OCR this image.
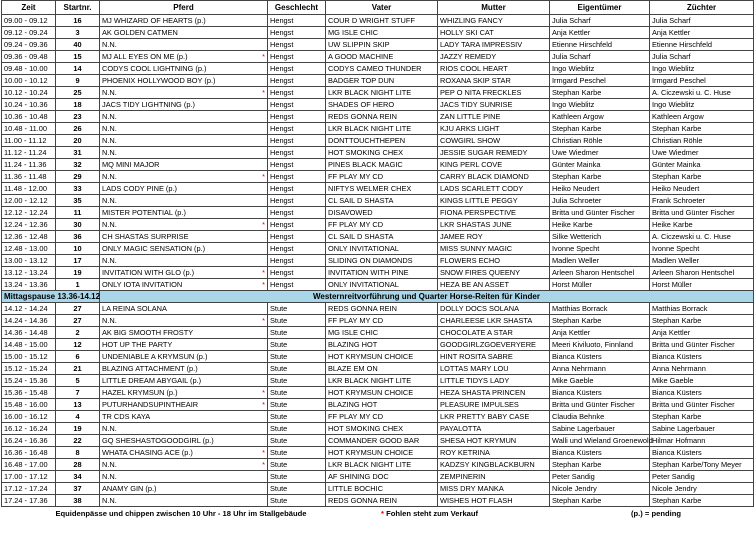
Zeit	Startnr.	Pferd	Geschlecht	Vater	Mutter	Eigentümer	Züchter
09.00 - 09.12	16	MJ WHIZARD OF HEARTS (p.)	Hengst	COUR D WRIGHT STUFF	WHIZLING FANCY	Julia Scharf	Julia Scharf
09.12 - 09.24	3	AK GOLDEN CATMEN	Hengst	MG ISLE CHIC	HOLLY SKI CAT	Anja Kettler	Anja Kettler
09.24 - 09.36	40	N.N.	Hengst	UW SLIPPIN SKIP	LADY TARA IMPRESSIV	Etienne Hirschfeld	Etienne Hirschfeld
09.36 - 09.48	15	MJ ALL EYES ON ME (p.) *	Hengst	A GOOD MACHINE	JAZZY REMEDY	Julia Scharf	Julia Scharf
09.48 - 10.00	14	CODYS COOL LIGHTNING (p.)	Hengst	CODYS CAMEO THUNDER	RIOS COOL HEART	Ingo Wieblitz	Ingo Wieblitz
10.00 - 10.12	9	PHOENIX HOLLYWOOD BOY (p.)	Hengst	BADGER TOP DUN	ROXANA SKIP STAR	Irmgard Peschel	Irmgard Peschel
10.12 - 10.24	25	N.N. *	Hengst	LKR BLACK NIGHT LITE	PEP O NITA FRECKLES	Stephan Karbe	A. Ciczewski u. C. Huse
10.24 - 10.36	18	JACS TIDY LIGHTNING (p.)	Hengst	SHADES OF HERO	JACS TIDY SUNRISE	Ingo Wieblitz	Ingo Wieblitz
10.36 - 10.48	23	N.N.	Hengst	REDS GONNA REIN	ZAN LITTLE PINE	Kathleen Argow	Kathleen Argow
10.48 - 11.00	26	N.N.	Hengst	LKR BLACK NIGHT LITE	KJU ARKS LIGHT	Stephan Karbe	Stephan Karbe
11.00 - 11.12	20	N.N.	Hengst	DONTTOUCHTHEPEN	COWGIRL SHOW	Christian Röhle	Christian Röhle
11.12 - 11.24	31	N.N.	Hengst	HOT SMOKING CHEX	JESSIE SUGAR REMEDY	Uwe Wiedmer	Uwe Wiedmer
11.24 - 11.36	32	MQ MINI MAJOR	Hengst	PINES BLACK MAGIC	KING PERL COVE	Günter Mainka	Günter Mainka
11.36 - 11.48	29	N.N. *	Hengst	FF PLAY MY CD	CARRY BLACK DIAMOND	Stephan Karbe	Stephan Karbe
11.48 - 12.00	33	LADS CODY PINE (p.)	Hengst	NIFTYS WELMER CHEX	LADS SCARLETT CODY	Heiko Neudert	Heiko Neudert
12.00 - 12.12	35	N.N.	Hengst	CL SAIL D SHASTA	KINGS LITTLE PEGGY	Julia Schroeter	Frank Schroeter
12.12 - 12.24	11	MISTER POTENTIAL (p.)	Hengst	DISAVOWED	FIONA PERSPECTIVE	Britta und Günter Fischer	Britta und Günter Fischer
12.24 - 12.36	30	N.N. *	Hengst	FF PLAY MY CD	LKR SHASTAS JUNE	Heike Karbe	Heike Karbe
12.36 - 12.48	36	CH SHASTAS SURPRISE	Hengst	CL SAIL D SHASTA	JAMEE ROY	Silke Wetterich	A. Ciczewski u. C. Huse
12.48 - 13.00	10	ONLY MAGIC SENSATION (p.)	Hengst	ONLY INVITATIONAL	MISS SUNNY MAGIC	Ivonne Specht	Ivonne Specht
13.00 - 13.12	17	N.N.	Hengst	SLIDING ON DIAMONDS	FLOWERS ECHO	Madlen Weller	Madlen Weller
13.12 - 13.24	19	INVITATION WITH GLO (p.) *	Hengst	INVITATION WITH PINE	SNOW FIRES QUEENY	Arleen Sharon Hentschel	Arleen Sharon Hentschel
13.24 - 13.36	1	ONLY IOTA INVITATION *	Hengst	ONLY INVITATIONAL	HEZA BE AN ASSET	Horst Müller	Horst Müller
Mittagspause 13.36-14.12		Westernreitvorführung und Quarter Horse-Reiten für Kinder					
14.12 - 14.24	27	LA REINA SOLANA	Stute	REDS GONNA REIN	DOLLY DOCS SOLANA	Matthias Borrack	Matthias Borrack
14.24 - 14.36	27	N.N. *	Stute	FF PLAY MY CD	CHARLEESE LKR SHASTA	Stephan Karbe	Stephan Karbe
14.36 - 14.48	2	AK BIG SMOOTH FROSTY	Stute	MG ISLE CHIC	CHOCOLATE A STAR	Anja Kettler	Anja Kettler
14.48 - 15.00	12	HOT UP THE PARTY	Stute	BLAZING HOT	GOODGIRLZGOEVERYERE	Meeri Kiviluoto, Finnland	Britta und Günter Fischer
15.00 - 15.12	6	UNDENIABLE A KRYMSUN (p.)	Stute	HOT KRYMSUN CHOICE	HINT ROSITA SABRE	Bianca Küsters	Bianca Küsters
15.12 - 15.24	21	BLAZING ATTACHMENT (p.)	Stute	BLAZE EM ON	LOTTAS MARY LOU	Anna Nehrmann	Anna Nehrmann
15.24 - 15.36	5	LITTLE DREAM ABYGAIL (p.)	Stute	LKR BLACK NIGHT LITE	LITTLE TIDYS LADY	Mike Gaeble	Mike Gaeble
15.36 - 15.48	7	HAZEL KRYMSUN (p.) *	Stute	HOT KRYMSUN CHOICE	HEZA SHASTA PRINCEN	Bianca Küsters	Bianca Küsters
15.48 - 16.00	13	PUTURHANDSUPINTHEAIR *	Stute	BLAZING HOT	PLEASURE IMPULSES	Britta und Günter Fischer	Britta und Günter Fischer
16.00 - 16.12	4	TR CDS KAYA	Stute	FF PLAY MY CD	LKR PRETTY BABY CASE	Claudia Behnke	Stephan Karbe
16.12 - 16.24	19	N.N.	Stute	HOT SMOKING CHEX	PAYALOTTA	Sabine Lagerbauer	Sabine Lagerbauer
16.24 - 16.36	22	GQ SHESHASTOGOODGIRL (p.)	Stute	COMMANDER GOOD BAR	SHESA HOT KRYMUN	Walli und Wieland Groenewold	Hilmar Hofmann
16.36 - 16.48	8	WHATA CHASING ACE (p.) *	Stute	HOT KRYMSUN CHOICE	ROY KETRINA	Bianca Küsters	Bianca Küsters
16.48 - 17.00	28	N.N. *	Stute	LKR BLACK NIGHT LITE	KADZSY KINGBLACKBURN	Stephan Karbe	Stephan Karbe/Tony Meyer
17.00 - 17.12	34	N.N.	Stute	AF SHINING DOC	ZEMPINERIN	Peter Sandig	Peter Sandig
17.12 - 17.24	37	ANAMY GIN (p.)	Stute	LITTLE BOCHIC	MISS DRY MANKA	Nicole Jendry	Nicole Jendry
17.24 - 17.36	38	N.N.	Stute	REDS GONNA REIN	WISHES HOT FLASH	Stephan Karbe	Stephan Karbe
Equidenpässe und chippen zwischen 10 Uhr - 18 Uhr im Stallgebäude	* Fohlen steht zum Verkauf	(p.) = pending
